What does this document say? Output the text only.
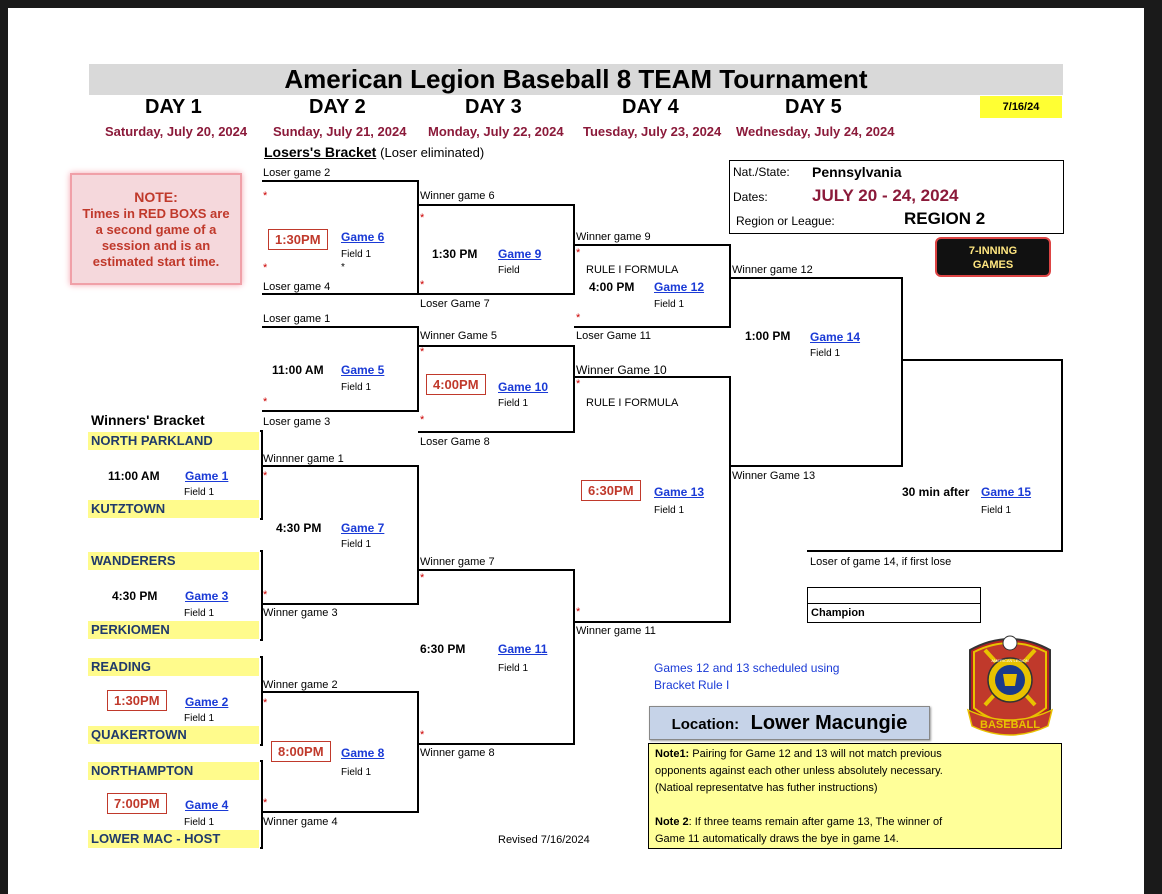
American Legion Baseball 8 TEAM Tournament
DAY 1	DAY 2	DAY 3	DAY 4	DAY 5	7/16/24
Saturday, July 20, 2024 Sunday, July 21, 2024 Monday, July 22, 2024 Tuesday, July 23, 2024 Wednesday, July 24, 2024
Losers's Bracket (Loser eliminated)
NOTE:
Times in RED BOXS are
a second game of a
session and is an
estimated start time.
Nat./State: Pennsylvania
Dates:	JULY 20 - 24, 2024
Region or League:	REGION 2
7-INNING
GAMES
Winners' Bracket
NORTH PARKLAND
KUTZTOWN
WANDERERS
PERKIOMEN
READING
QUAKERTOWN
NORTHAMPTON
LOWER MAC - HOST
11:00 AM Game 1
Field 1
4:30 PM Game 3
Field 1
1:30PM	Game 2
Field 1
7:00PM	Game 4
Field 1
Loser game 2
*
1:30PM	Game 6
Field 1
*	*
Loser game 4
Loser game 1
11:00 AM Game 5
Field 1
*
Loser game 3
Winnner game 1
*
4:30 PM Game 7
Field 1
*
Winner game 3
Winner game 2
*
8:00PM	Game 8
Field 1
*
Winner game 4
Winner game 6
*
1:30 PM Game 9
Field
*
Loser Game 7
Winner Game 5
*
4:00PM	Game 10
Field 1
*
Loser Game 8
Winner game 7
*
6:30 PM	Game 11
Field 1
*
Winner game 8
Winner game 9
*
RULE I FORMULA
4:00 PM Game 12
Field 1
*
Loser Game 11
Winner Game 10
*
RULE I FORMULA
6:30PM	Game 13
Field 1
*
Winner game 11
Winner game 12
1:00 PM Game 14
Field 1
Winner Game 13
30 min after Game 15
Field 1
Loser of game 14, if first lose
Champion
Games 12 and 13 scheduled using
Bracket Rule I
BASEBALL
AMERICAN LEGION
Location: Lower Macungie
Note1: Pairing for Game 12 and 13 will not match previous
opponents against each other unless absolutely necessary.
(Natioal representatve has futher instructions)
Note 2: If three teams remain after game 13, The winner of
Game 11 automatically draws the bye in game 14.
Revised 7/16/2024
